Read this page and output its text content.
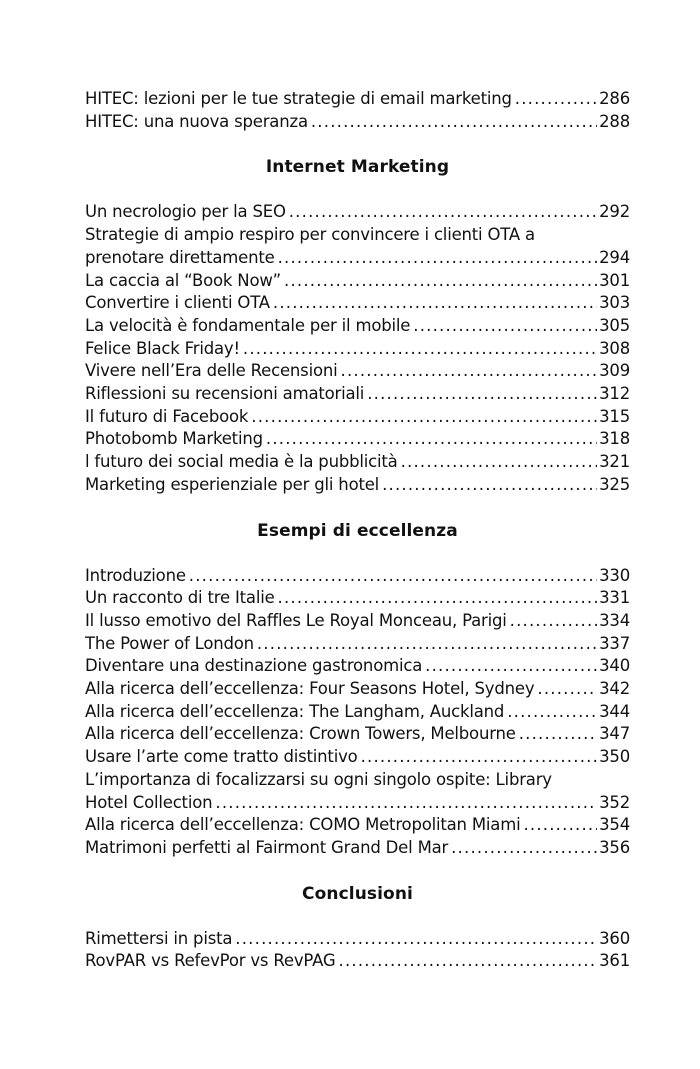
HITEC: lezioni per le tue strategie di email marketing .....	286
HITEC: una nuova speranza .....	288
Internet Marketing
Un necrologio per la SEO .....	292
Strategie di ampio respiro per convincere i clienti OTA a
prenotare direttamente .....	294
La caccia al “Book Now” .....	301
Convertire i clienti OTA .....	303
La velocità è fondamentale per il mobile .....	305
Felice Black Friday! .....	308
Vivere nell’Era delle Recensioni .....	309
Riflessioni su recensioni amatoriali .....	312
Il futuro di Facebook .....	315
Photobomb Marketing .....	318
l futuro dei social media è la pubblicità .....	321
Marketing esperienziale per gli hotel .....	325
Esempi di eccellenza
Introduzione .....	330
Un racconto di tre Italie .....	331
Il lusso emotivo del Raffles Le Royal Monceau, Parigi .....	334
The Power of London .....	337
Diventare una destinazione gastronomica .....	340
Alla ricerca dell’eccellenza: Four Seasons Hotel, Sydney .....	342
Alla ricerca dell’eccellenza: The Langham, Auckland .....	344
Alla ricerca dell’eccellenza: Crown Towers, Melbourne .....	347
Usare l’arte come tratto distintivo .....	350
L’importanza di focalizzarsi su ogni singolo ospite: Library
Hotel Collection .....	352
Alla ricerca dell’eccellenza: COMO Metropolitan Miami .....	354
Matrimoni perfetti al Fairmont Grand Del Mar .....	356
Conclusioni
Rimettersi in pista .....	360
RovPAR vs RefevPor vs RevPAG .....	361
